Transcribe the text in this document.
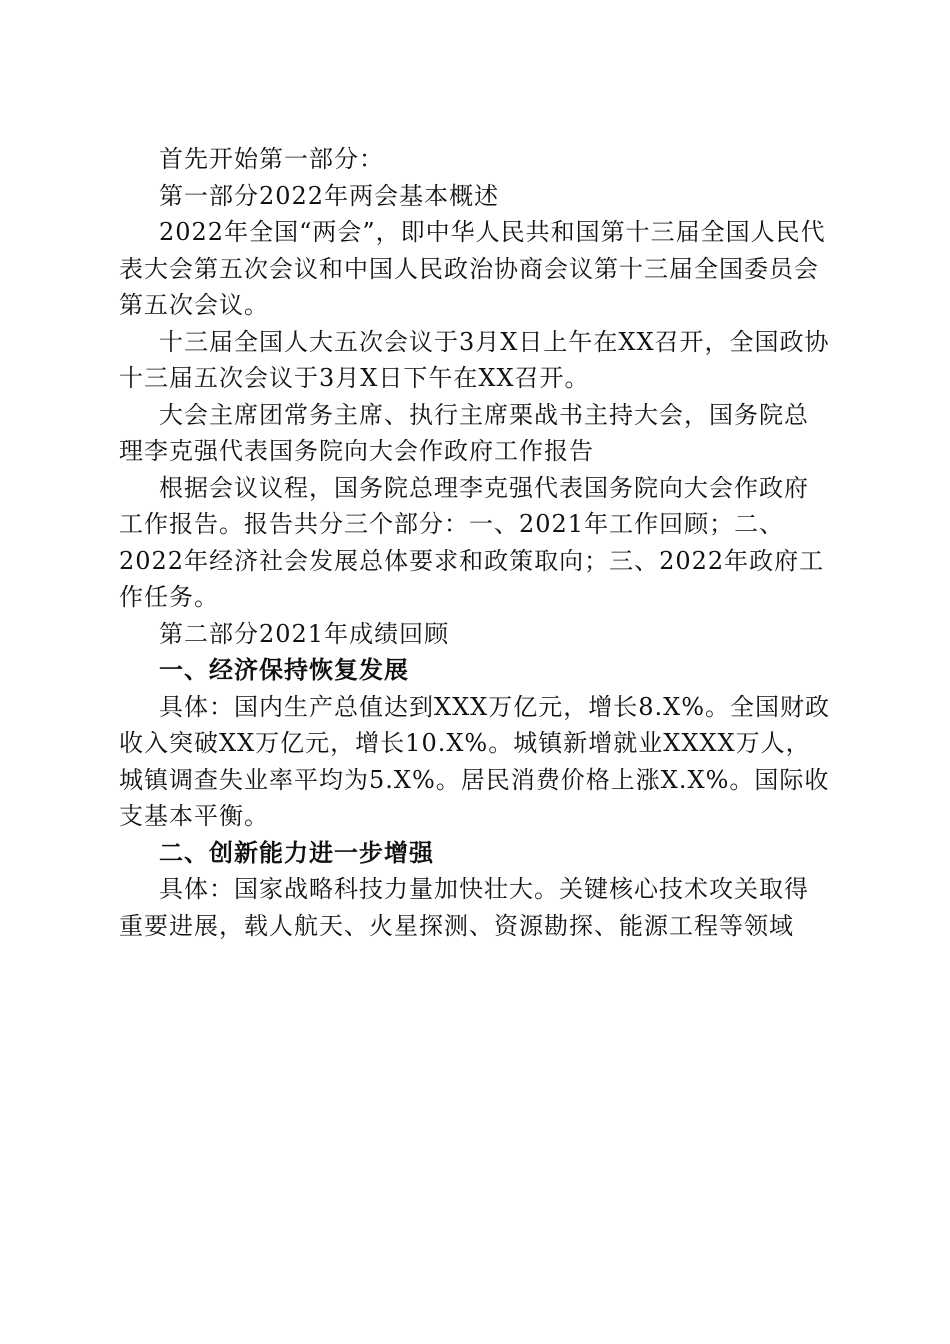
首先开始第一部分：

第一部分2022年两会基本概述

2022年全国“两会”，即中华人民共和国第十三届全国人民代表大会第五次会议和中国人民政治协商会议第十三届全国委员会第五次会议。

十三届全国人大五次会议于3月X日上午在XX召开，全国政协十三届五次会议于3月X日下午在XX召开。

大会主席团常务主席、执行主席栗战书主持大会，国务院总理李克强代表国务院向大会作政府工作报告

根据会议议程，国务院总理李克强代表国务院向大会作政府工作报告。报告共分三个部分：一、2021年工作回顾；二、2022年经济社会发展总体要求和政策取向；三、2022年政府工作任务。

第二部分2021年成绩回顾

一、经济保持恢复发展

具体：国内生产总值达到XXX万亿元，增长8.X%。全国财政收入突破XX万亿元，增长10.X%。城镇新增就业XXXX万人，城镇调查失业率平均为5.X%。居民消费价格上涨X.X%。国际收支基本平衡。

二、创新能力进一步增强

具体：国家战略科技力量加快壮大。关键核心技术攻关取得重要进展，载人航天、火星探测、资源勘探、能源工程等领域
